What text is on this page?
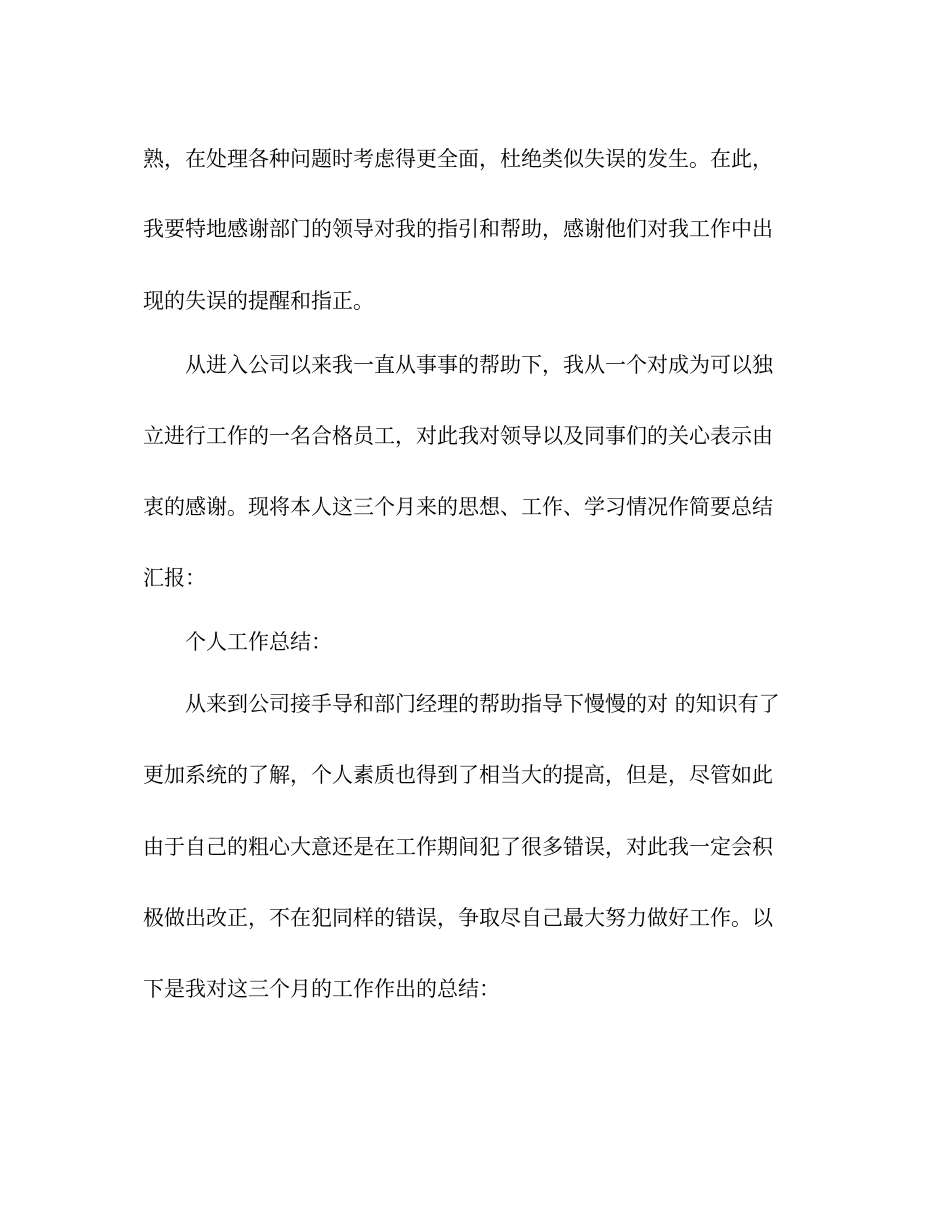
熟，在处理各种问题时考虑得更全面，杜绝类似失误的发生。在此，
我要特地感谢部门的领导对我的指引和帮助，感谢他们对我工作中出
现的失误的提醒和指正。
从进入公司以来我一直从事事的帮助下，我从一个对成为可以独
立进行工作的一名合格员工，对此我对领导以及同事们的关心表示由
衷的感谢。现将本人这三个月来的思想、工作、学习情况作简要总结
汇报：
个人工作总结：
从来到公司接手导和部门经理的帮助指导下慢慢的对 的知识有了
更加系统的了解，个人素质也得到了相当大的提高，但是，尽管如此
由于自己的粗心大意还是在工作期间犯了很多错误，对此我一定会积
极做出改正，不在犯同样的错误，争取尽自己最大努力做好工作。以
下是我对这三个月的工作作出的总结：
